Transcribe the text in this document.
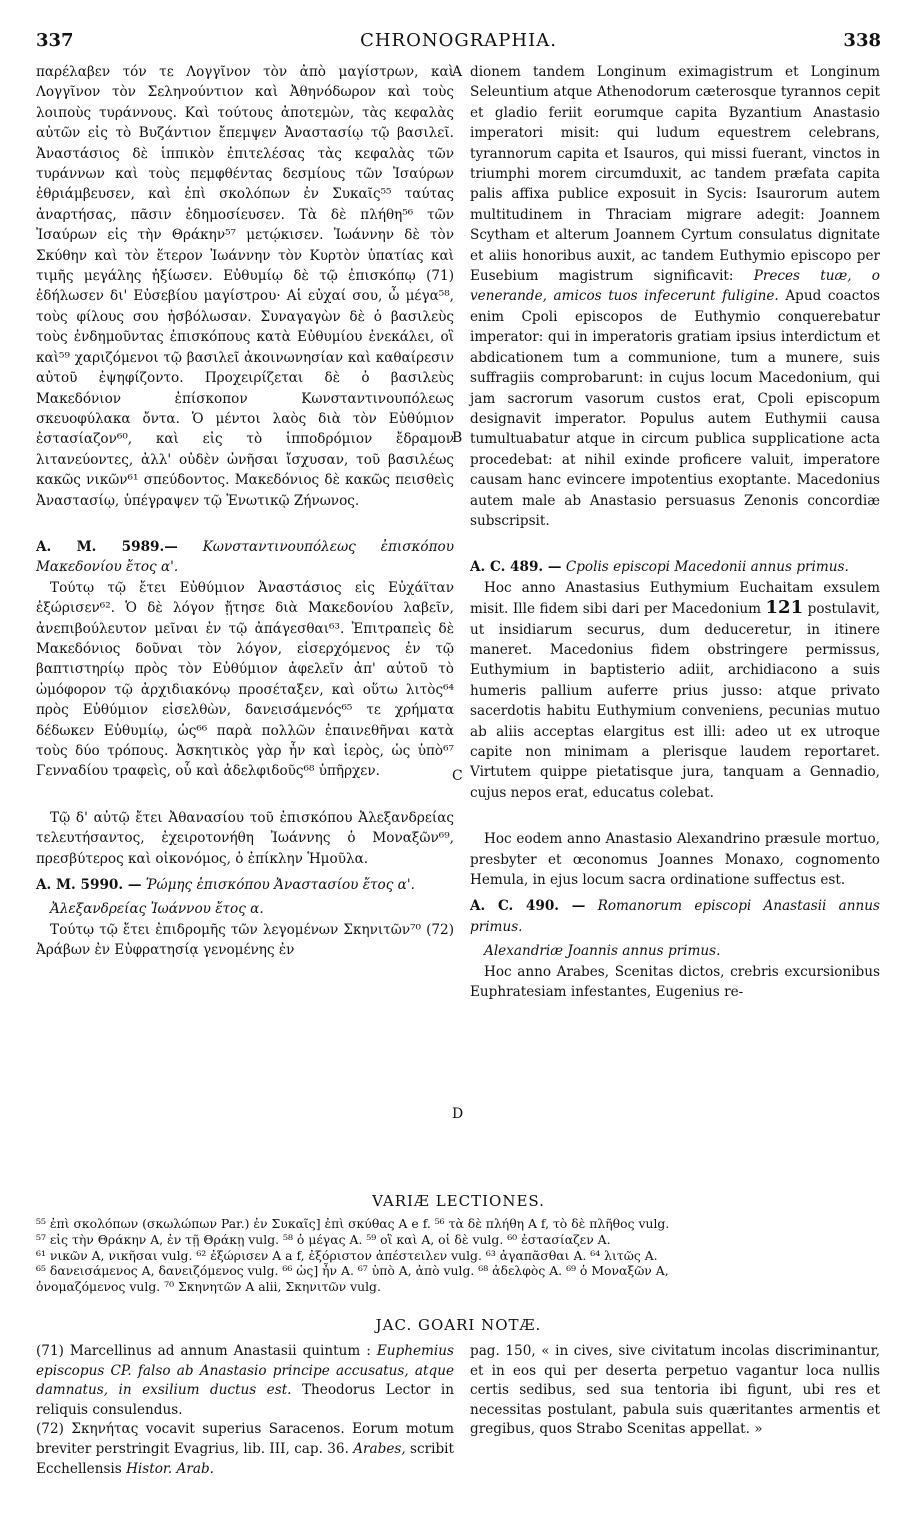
337	CHRONOGRAPHIA.	338

παρέλαβεν τόν τε Λογγῖνον τὸν ἀπὸ μαγίστρων, καὶ Λογγῖνον τὸν Σεληνούντιον καὶ Ἀθηνόδωρον καὶ τοὺς λοιποὺς τυράννους. Καὶ τούτους ἀποτεμὼν, τὰς κεφαλὰς αὐτῶν εἰς τὸ Βυζάντιον ἔπεμψεν Ἀναστασίῳ τῷ βασιλεῖ. Ἀναστάσιος δὲ ἱππικὸν ἐπιτελέσας τὰς κεφαλὰς τῶν τυράννων καὶ τοὺς πεμφθέντας δεσμίους τῶν Ἰσαύρων ἐθριάμβευσεν, καὶ ἐπὶ σκολόπων ἐν Συκαῖς⁵⁵ ταύτας ἀναρτήσας, πᾶσιν ἐδημοσίευσεν. Τὰ δὲ πλήθη⁵⁶ τῶν Ἰσαύρων εἰς τὴν Θράκην⁵⁷ μετῴκισεν. Ἰωάννην δὲ τὸν Σκύθην καὶ τὸν ἕτερον Ἰωάννην τὸν Κυρτὸν ὑπατίας καὶ τιμῆς μεγάλης ἠξίωσεν. Εὐθυμίῳ δὲ τῷ ἐπισκόπῳ (71) ἐδήλωσεν δι' Εὐσεβίου μαγίστρου· Αἱ εὐχαί σου, ὦ μέγα⁵⁸, τοὺς φίλους σου ἠσβόλωσαν. Συναγαγὼν δὲ ὁ βασιλεὺς τοὺς ἐνδημοῦντας ἐπισκόπους κατὰ Εὐθυμίου ἐνεκάλει, οἳ καὶ⁵⁹ χαριζόμενοι τῷ βασιλεῖ ἀκοινωνησίαν καὶ καθαίρεσιν αὐτοῦ ἐψηφίζοντο. Προχειρίζεται δὲ ὁ βασιλεὺς Μακεδόνιον ἐπίσκοπον Κωνσταντινουπόλεως σκευοφύλακα ὄντα. Ὁ μέντοι λαὸς διὰ τὸν Εὐθύμιον ἐστασίαζον⁶⁰, καὶ εἰς τὸ ἱπποδρόμιον ἔδραμον λιτανεύοντες, ἀλλ' οὐδὲν ὠνῆσαι ἴσχυσαν, τοῦ βασιλέως κακῶς νικῶν⁶¹ σπεύδοντος. Μακεδόνιος δὲ κακῶς πεισθεὶς Ἀναστασίῳ, ὑπέγραψεν τῷ Ἑνωτικῷ Ζήνωνος.

A. M. 5989.— Κωνσταντινουπόλεως ἐπισκόπου Μακεδονίου ἔτος α'.

Τούτῳ τῷ ἔτει Εὐθύμιον Ἀναστάσιος εἰς Εὐχάϊταν ἐξώρισεν⁶². Ὁ δὲ λόγον ᾔτησε διὰ Μακεδονίου λαβεῖν, ἀνεπιβούλευτον μεῖναι ἐν τῷ ἀπάγεσθαι⁶³. Ἐπιτραπεὶς δὲ Μακεδόνιος δοῦναι τὸν λόγον, εἰσερχόμενος ἐν τῷ βαπτιστηρίῳ πρὸς τὸν Εὐθύμιον ἀφελεῖν ἀπ' αὐτοῦ τὸ ὠμόφορον τῷ ἀρχιδιακόνῳ προσέταξεν, καὶ οὕτω λιτὸς⁶⁴ πρὸς Εὐθύμιον εἰσελθὼν, δανεισάμενός⁶⁵ τε χρήματα δέδωκεν Εὐθυμίῳ, ὡς⁶⁶ παρὰ πολλῶν ἐπαινεθῆναι κατὰ τοὺς δύο τρόπους. Ἀσκητικὸς γὰρ ἦν καὶ ἱερὸς, ὡς ὑπὸ⁶⁷ Γενναδίου τραφεὶς, οὗ καὶ ἀδελφιδοῦς⁶⁸ ὑπῆρχεν.

Τῷ δ' αὐτῷ ἔτει Ἀθανασίου τοῦ ἐπισκόπου Ἀλεξανδρείας τελευτήσαντος, ἐχειροτονήθη Ἰωάννης ὁ Μοναξῶν⁶⁹, πρεσβύτερος καὶ οἰκονόμος, ὁ ἐπίκλην Ἡμοῦλα.

A. M. 5990. — Ῥώμης ἐπισκόπου Ἀναστασίου ἔτος α'.

Ἀλεξανδρείας Ἰωάννου ἔτος α.

Τούτῳ τῷ ἔτει ἐπιδρομῆς τῶν λεγομένων Σκηνιτῶν⁷⁰ (72) Ἀράβων ἐν Εὐφρατησίᾳ γενομένης ἐν

A
B
C
D

dionem tandem Longinum eximagistrum et Longinum Seleuntium atque Athenodorum cæterosque tyrannos cepit et gladio feriit eorumque capita Byzantium Anastasio imperatori misit: qui ludum equestrem celebrans, tyrannorum capita et Isauros, qui missi fuerant, vinctos in triumphi morem circumduxit, ac tandem præfata capita palis affixa publice exposuit in Sycis: Isaurorum autem multitudinem in Thraciam migrare adegit: Joannem Scytham et alterum Joannem Cyrtum consulatus dignitate et aliis honoribus auxit, ac tandem Euthymio episcopo per Eusebium magistrum significavit: Preces tuæ, o venerande, amicos tuos infecerunt fuligine. Apud coactos enim Cpoli episcopos de Euthymio conquerebatur imperator: qui in imperatoris gratiam ipsius interdictum et abdicationem tum a communione, tum a munere, suis suffragiis comprobarunt: in cujus locum Macedonium, qui jam sacrorum vasorum custos erat, Cpoli episcopum designavit imperator. Populus autem Euthymii causa tumultuabatur atque in circum publica supplicatione acta procedebat: at nihil exinde proficere valuit, imperatore causam hanc evincere impotentius exoptante. Macedonius autem male ab Anastasio persuasus Zenonis concordiæ subscripsit.

A. C. 489. — Cpolis episcopi Macedonii annus primus.

Hoc anno Anastasius Euthymium Euchaitam exsulem misit. Ille fidem sibi dari per Macedonium 121 postulavit, ut insidiarum securus, dum deduceretur, in itinere maneret. Macedonius fidem obstringere permissus, Euthymium in baptisterio adiit, archidiacono a suis humeris pallium auferre prius jusso: atque privato sacerdotis habitu Euthymium conveniens, pecunias mutuo ab aliis acceptas elargitus est illi: adeo ut ex utroque capite non minimam a plerisque laudem reportaret. Virtutem quippe pietatisque jura, tanquam a Gennadio, cujus nepos erat, educatus colebat.

Hoc eodem anno Anastasio Alexandrino præsule mortuo, presbyter et œconomus Joannes Monaxo, cognomento Hemula, in ejus locum sacra ordinatione suffectus est.

A. C. 490. — Romanorum episcopi Anastasii annus primus.

Alexandriæ Joannis annus primus.

Hoc anno Arabes, Scenitas dictos, crebris excursionibus Euphratesiam infestantes, Eugenius re-

VARIÆ LECTIONES.

⁵⁵ ἐπὶ σκολόπων (σκωλώπων Par.) ἐν Συκαῖς] ἐπὶ σκύθας A e f. ⁵⁶ τὰ δὲ πλήθη A f, τὸ δὲ πλῆθος vulg.

⁵⁷ εἰς τὴν Θράκην A, ἐν τῇ Θράκῃ vulg. ⁵⁸ ὁ μέγας A. ⁵⁹ οἳ καὶ A, οἱ δὲ vulg. ⁶⁰ ἐστασίαζεν A.

⁶¹ νικῶν A, νικῆσαι vulg. ⁶² ἐξώρισεν A a f, ἐξόριστον ἀπέστειλεν vulg. ⁶³ ἀγαπᾶσθαι A. ⁶⁴ λιτῶς A.

⁶⁵ δανεισάμενος A, δανειζόμενος vulg. ⁶⁶ ὡς] ἦν A. ⁶⁷ ὑπὸ A, ἀπὸ vulg. ⁶⁸ ἀδελφὸς A. ⁶⁹ ὁ Μοναξῶν A,

ὀνομαζόμενος vulg. ⁷⁰ Σκηνητῶν A alii, Σκηνιτῶν vulg.

JAC. GOARI NOTÆ.

(71) Marcellinus ad annum Anastasii quintum : Euphemius episcopus CP. falso ab Anastasio principe accusatus, atque damnatus, in exsilium ductus est. Theodorus Lector in reliquis consulendus.

(72) Σκηνήτας vocavit superius Saracenos. Eorum motum breviter perstringit Evagrius, lib. III, cap. 36. Arabes, scribit Ecchellensis Histor. Arab.

pag. 150, « in cives, sive civitatum incolas discriminantur, et in eos qui per deserta perpetuo vagantur loca nullis certis sedibus, sed sua tentoria ibi figunt, ubi res et necessitas postulant, pabula suis quæritantes armentis et gregibus, quos Strabo Scenitas appellat. »
